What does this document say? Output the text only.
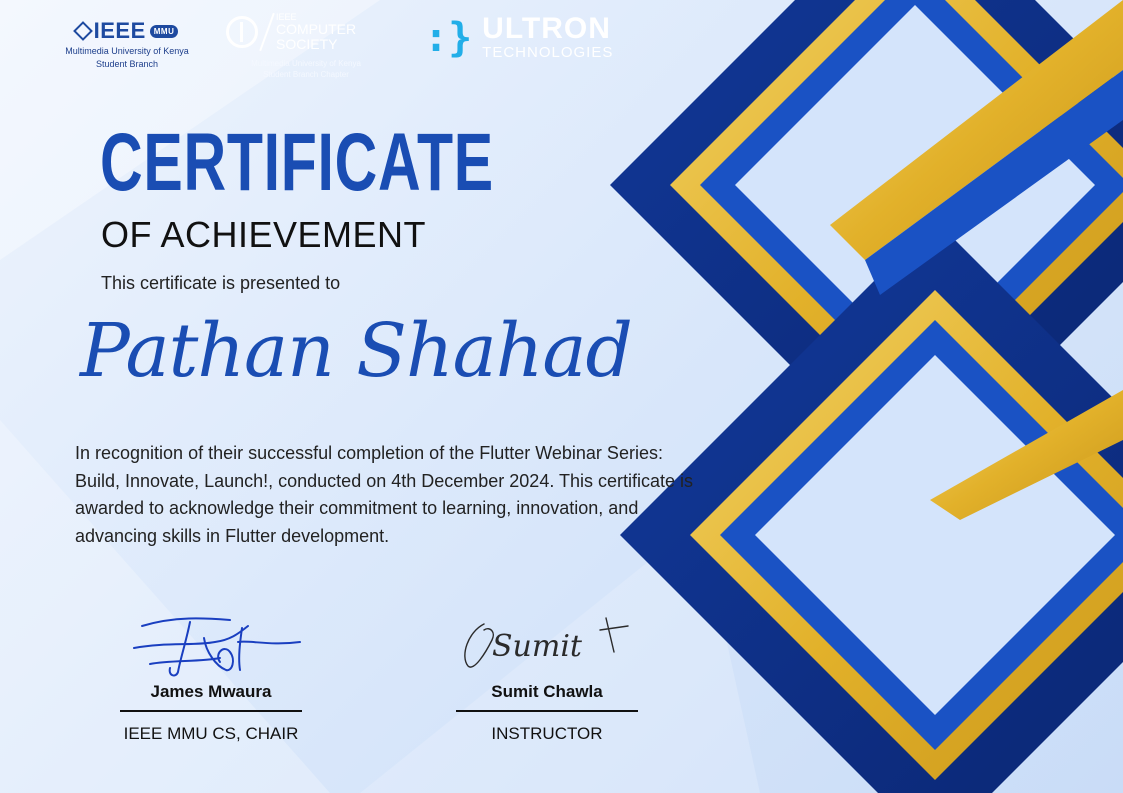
IEEE	MMU
Multimedia University of Kenya
Student Branch
IEEE
COMPUTER
SOCIETY
Multimedia University of Kenya
Student Branch Chapter
:} ULTRON
TECHNOLOGIES
CERTIFICATE
OF ACHIEVEMENT
This certificate is presented to
Pathan Shahad
In recognition of their successful completion of the Flutter Webinar Series: Build, Innovate, Launch!, conducted on 4th December 2024. This certificate is awarded to acknowledge their commitment to learning, innovation, and advancing skills in Flutter development.
James Mwaura
IEEE MMU CS, CHAIR
Sumit
Sumit Chawla
INSTRUCTOR
